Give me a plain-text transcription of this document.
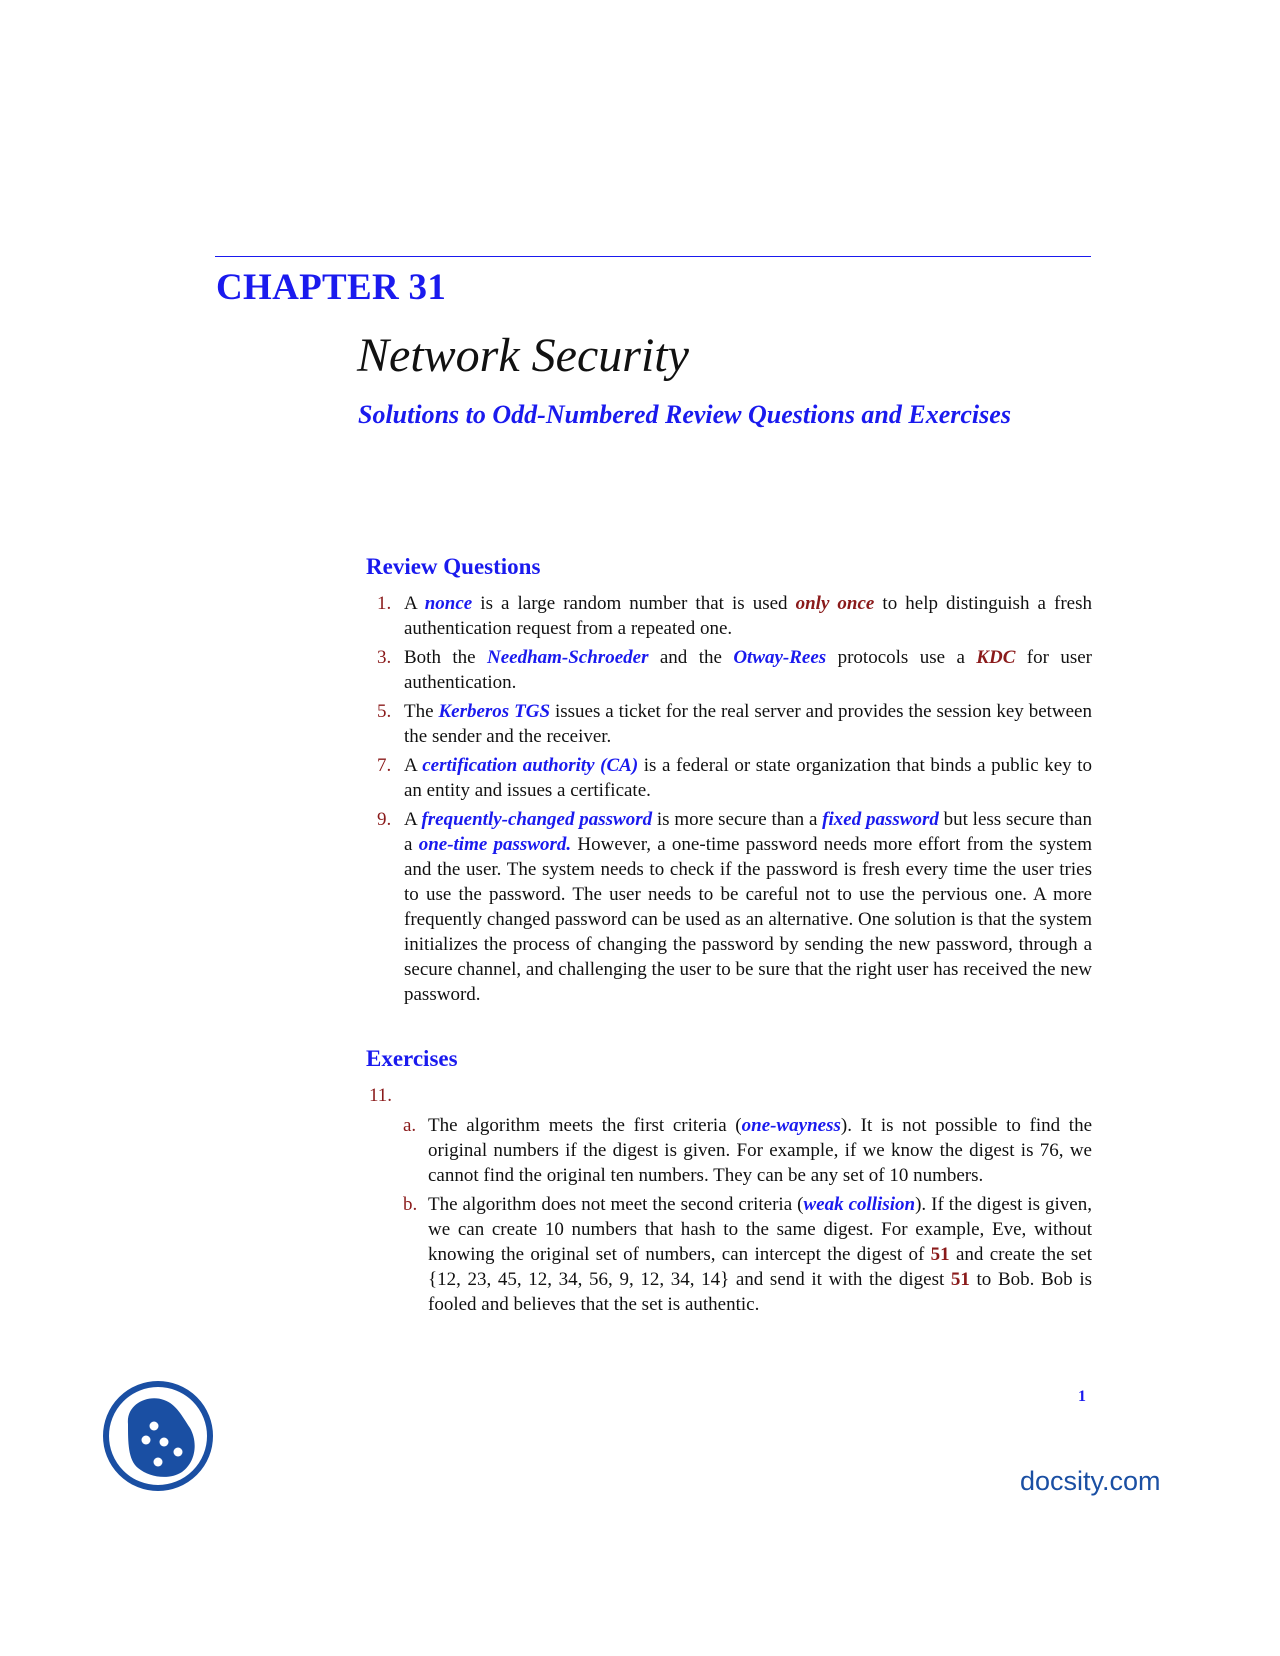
CHAPTER 31
Network Security
Solutions to Odd-Numbered Review Questions and Exercises
Review Questions
1. A nonce is a large random number that is used only once to help distinguish a fresh authentication request from a repeated one.
3. Both the Needham-Schroeder and the Otway-Rees protocols use a KDC for user authentication.
5. The Kerberos TGS issues a ticket for the real server and provides the session key between the sender and the receiver.
7. A certification authority (CA) is a federal or state organization that binds a public key to an entity and issues a certificate.
9. A frequently-changed password is more secure than a fixed password but less secure than a one-time password. However, a one-time password needs more effort from the system and the user. The system needs to check if the password is fresh every time the user tries to use the password. The user needs to be careful not to use the pervious one. A more frequently changed password can be used as an alternative. One solution is that the system initializes the process of changing the password by sending the new password, through a secure channel, and challenging the user to be sure that the right user has received the new password.
Exercises
11.
a. The algorithm meets the first criteria (one-wayness). It is not possible to find the original numbers if the digest is given. For example, if we know the digest is 76, we cannot find the original ten numbers. They can be any set of 10 numbers.
b. The algorithm does not meet the second criteria (weak collision). If the digest is given, we can create 10 numbers that hash to the same digest. For example, Eve, without knowing the original set of numbers, can intercept the digest of 51 and create the set {12, 23, 45, 12, 34, 56, 9, 12, 34, 14} and send it with the digest 51 to Bob. Bob is fooled and believes that the set is authentic.
1
docsity.com
